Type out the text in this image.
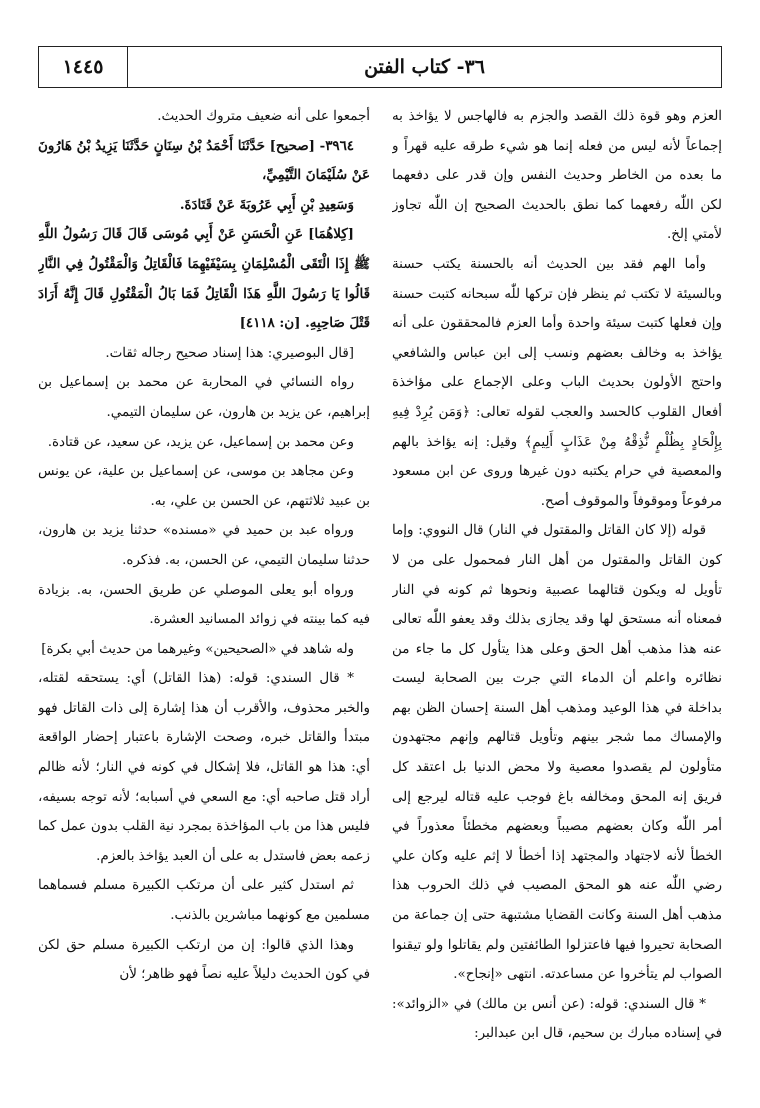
٣٦- كتاب الفتن
١٤٤٥

العزم وهو قوة ذلك القصد والجزم به فالهاجس لا يؤاخذ به إجماعاً لأنه ليس من فعله إنما هو شيء طرقه عليه قهراً و ما بعده من الخاطر وحديث النفس وإن قدر على دفعهما لكن اللّٰه رفعهما كما نطق بالحديث الصحيح إن اللّٰه تجاوز لأمتي إلخ.

وأما الهم فقد بين الحديث أنه بالحسنة يكتب حسنة وبالسيئة لا تكتب ثم ينظر فإن تركها للّٰه سبحانه كتبت حسنة وإن فعلها كتبت سيئة واحدة وأما العزم فالمحققون على أنه يؤاخذ به وخالف بعضهم ونسب إلى ابن عباس والشافعي واحتج الأولون بحديث الباب وعلى الإجماع على مؤاخذة أفعال القلوب كالحسد والعجب لقوله تعالى: ﴿وَمَن يُرِدْ فِيهِ بِإِلْحَادٍ بِظُلْمٍ نُّذِقْهُ مِنْ عَذَابٍ أَلِيمٍ﴾ وقيل: إنه يؤاخذ بالهم والمعصية في حرام يكتبه دون غيرها وروى عن ابن مسعود مرفوعاً وموقوفاً والموقوف أصح.

قوله (إلا كان القاتل والمقتول في النار) قال النووي: وإما كون القاتل والمقتول من أهل النار فمحمول على من لا تأويل له ويكون قتالهما عصبية ونحوها ثم كونه في النار فمعناه أنه مستحق لها وقد يجازى بذلك وقد يعفو اللّٰه تعالى عنه هذا مذهب أهل الحق وعلى هذا يتأول كل ما جاء من نظائره واعلم أن الدماء التي جرت بين الصحابة ليست بداخلة في هذا الوعيد ومذهب أهل السنة إحسان الظن بهم والإمساك مما شجر بينهم وتأويل قتالهم وإنهم مجتهدون متأولون لم يقصدوا معصية ولا محض الدنيا بل اعتقد كل فريق إنه المحق ومخالفه باغ فوجب عليه قتاله ليرجع إلى أمر اللّٰه وكان بعضهم مصيباً وبعضهم مخطئاً معذوراً في الخطأ لأنه لاجتهاد والمجتهد إذا أخطأ لا إثم عليه وكان علي رضي اللّٰه عنه هو المحق المصيب في ذلك الحروب هذا مذهب أهل السنة وكانت القضايا مشتبهة حتى إن جماعة من الصحابة تحيروا فيها فاعتزلوا الطائفتين ولم يقاتلوا ولو تيقنوا الصواب لم يتأخروا عن مساعدته. انتهى «إنجاح».

* قال السندي: قوله: (عن أنس بن مالك) في «الزوائد»: في إسناده مبارك بن سحيم، قال ابن عبدالبر:

أجمعوا على أنه ضعيف متروك الحديث.

٣٩٦٤- [صحيح] حَدَّثَنَا أَحْمَدُ بْنُ سِنَانٍ حَدَّثَنَا يَزِيدُ بْنُ هَارُونَ عَنْ سُلَيْمَانَ التَّيْمِيِّ،

وَسَعِيدِ بْنِ أَبِي عَرُوبَةَ عَنْ قَتَادَةَ.

[كِلاهُمَا] عَنِ الْحَسَنِ عَنْ أَبِي مُوسَى قَالَ قَالَ رَسُولُ اللَّهِ ﷺ إِذَا الْتَقَى الْمُسْلِمَانِ بِسَيْفَيْهِمَا فَالْقَاتِلُ وَالْمَقْتُولُ فِي النَّارِ قَالُوا يَا رَسُولَ اللَّهِ هَذَا الْقَاتِلُ فَمَا بَالُ الْمَقْتُولِ قَالَ إِنَّهُ أَرَادَ قَتْلَ صَاحِبِهِ. [ن: ٤١١٨]

[قال البوصيري: هذا إسناد صحيح رجاله ثقات.

رواه النسائي في المحاربة عن محمد بن إسماعيل بن إبراهيم، عن يزيد بن هارون، عن سليمان التيمي.

وعن محمد بن إسماعيل، عن يزيد، عن سعيد، عن قتادة.

وعن مجاهد بن موسى، عن إسماعيل بن علية، عن يونس بن عبيد ثلاثتهم، عن الحسن بن علي، به.

ورواه عبد بن حميد في «مسنده» حدثنا يزيد بن هارون، حدثنا سليمان التيمي، عن الحسن، به. فذكره.

ورواه أبو يعلى الموصلي عن طريق الحسن، به. بزيادة فيه كما بينته في زوائد المسانيد العشرة.

وله شاهد في «الصحيحين» وغيرهما من حديث أبي بكرة]

* قال السندي: قوله: (هذا القاتل) أي: يستحقه لقتله، والخبر محذوف، والأقرب أن هذا إشارة إلى ذات القاتل فهو مبتدأ والقاتل خبره، وصحت الإشارة باعتبار إحضار الواقعة أي: هذا هو القاتل، فلا إشكال في كونه في النار؛ لأنه ظالم أراد قتل صاحبه أي: مع السعي في أسبابه؛ لأنه توجه بسيفه، فليس هذا من باب المؤاخذة بمجرد نية القلب بدون عمل كما زعمه بعض فاستدل به على أن العبد يؤاخذ بالعزم.

ثم استدل كثير على أن مرتكب الكبيرة مسلم فسماهما مسلمين مع كونهما مباشرين بالذنب.

وهذا الذي قالوا: إن من ارتكب الكبيرة مسلم حق لكن في كون الحديث دليلاً عليه نصاً فهو ظاهر؛ لأن
